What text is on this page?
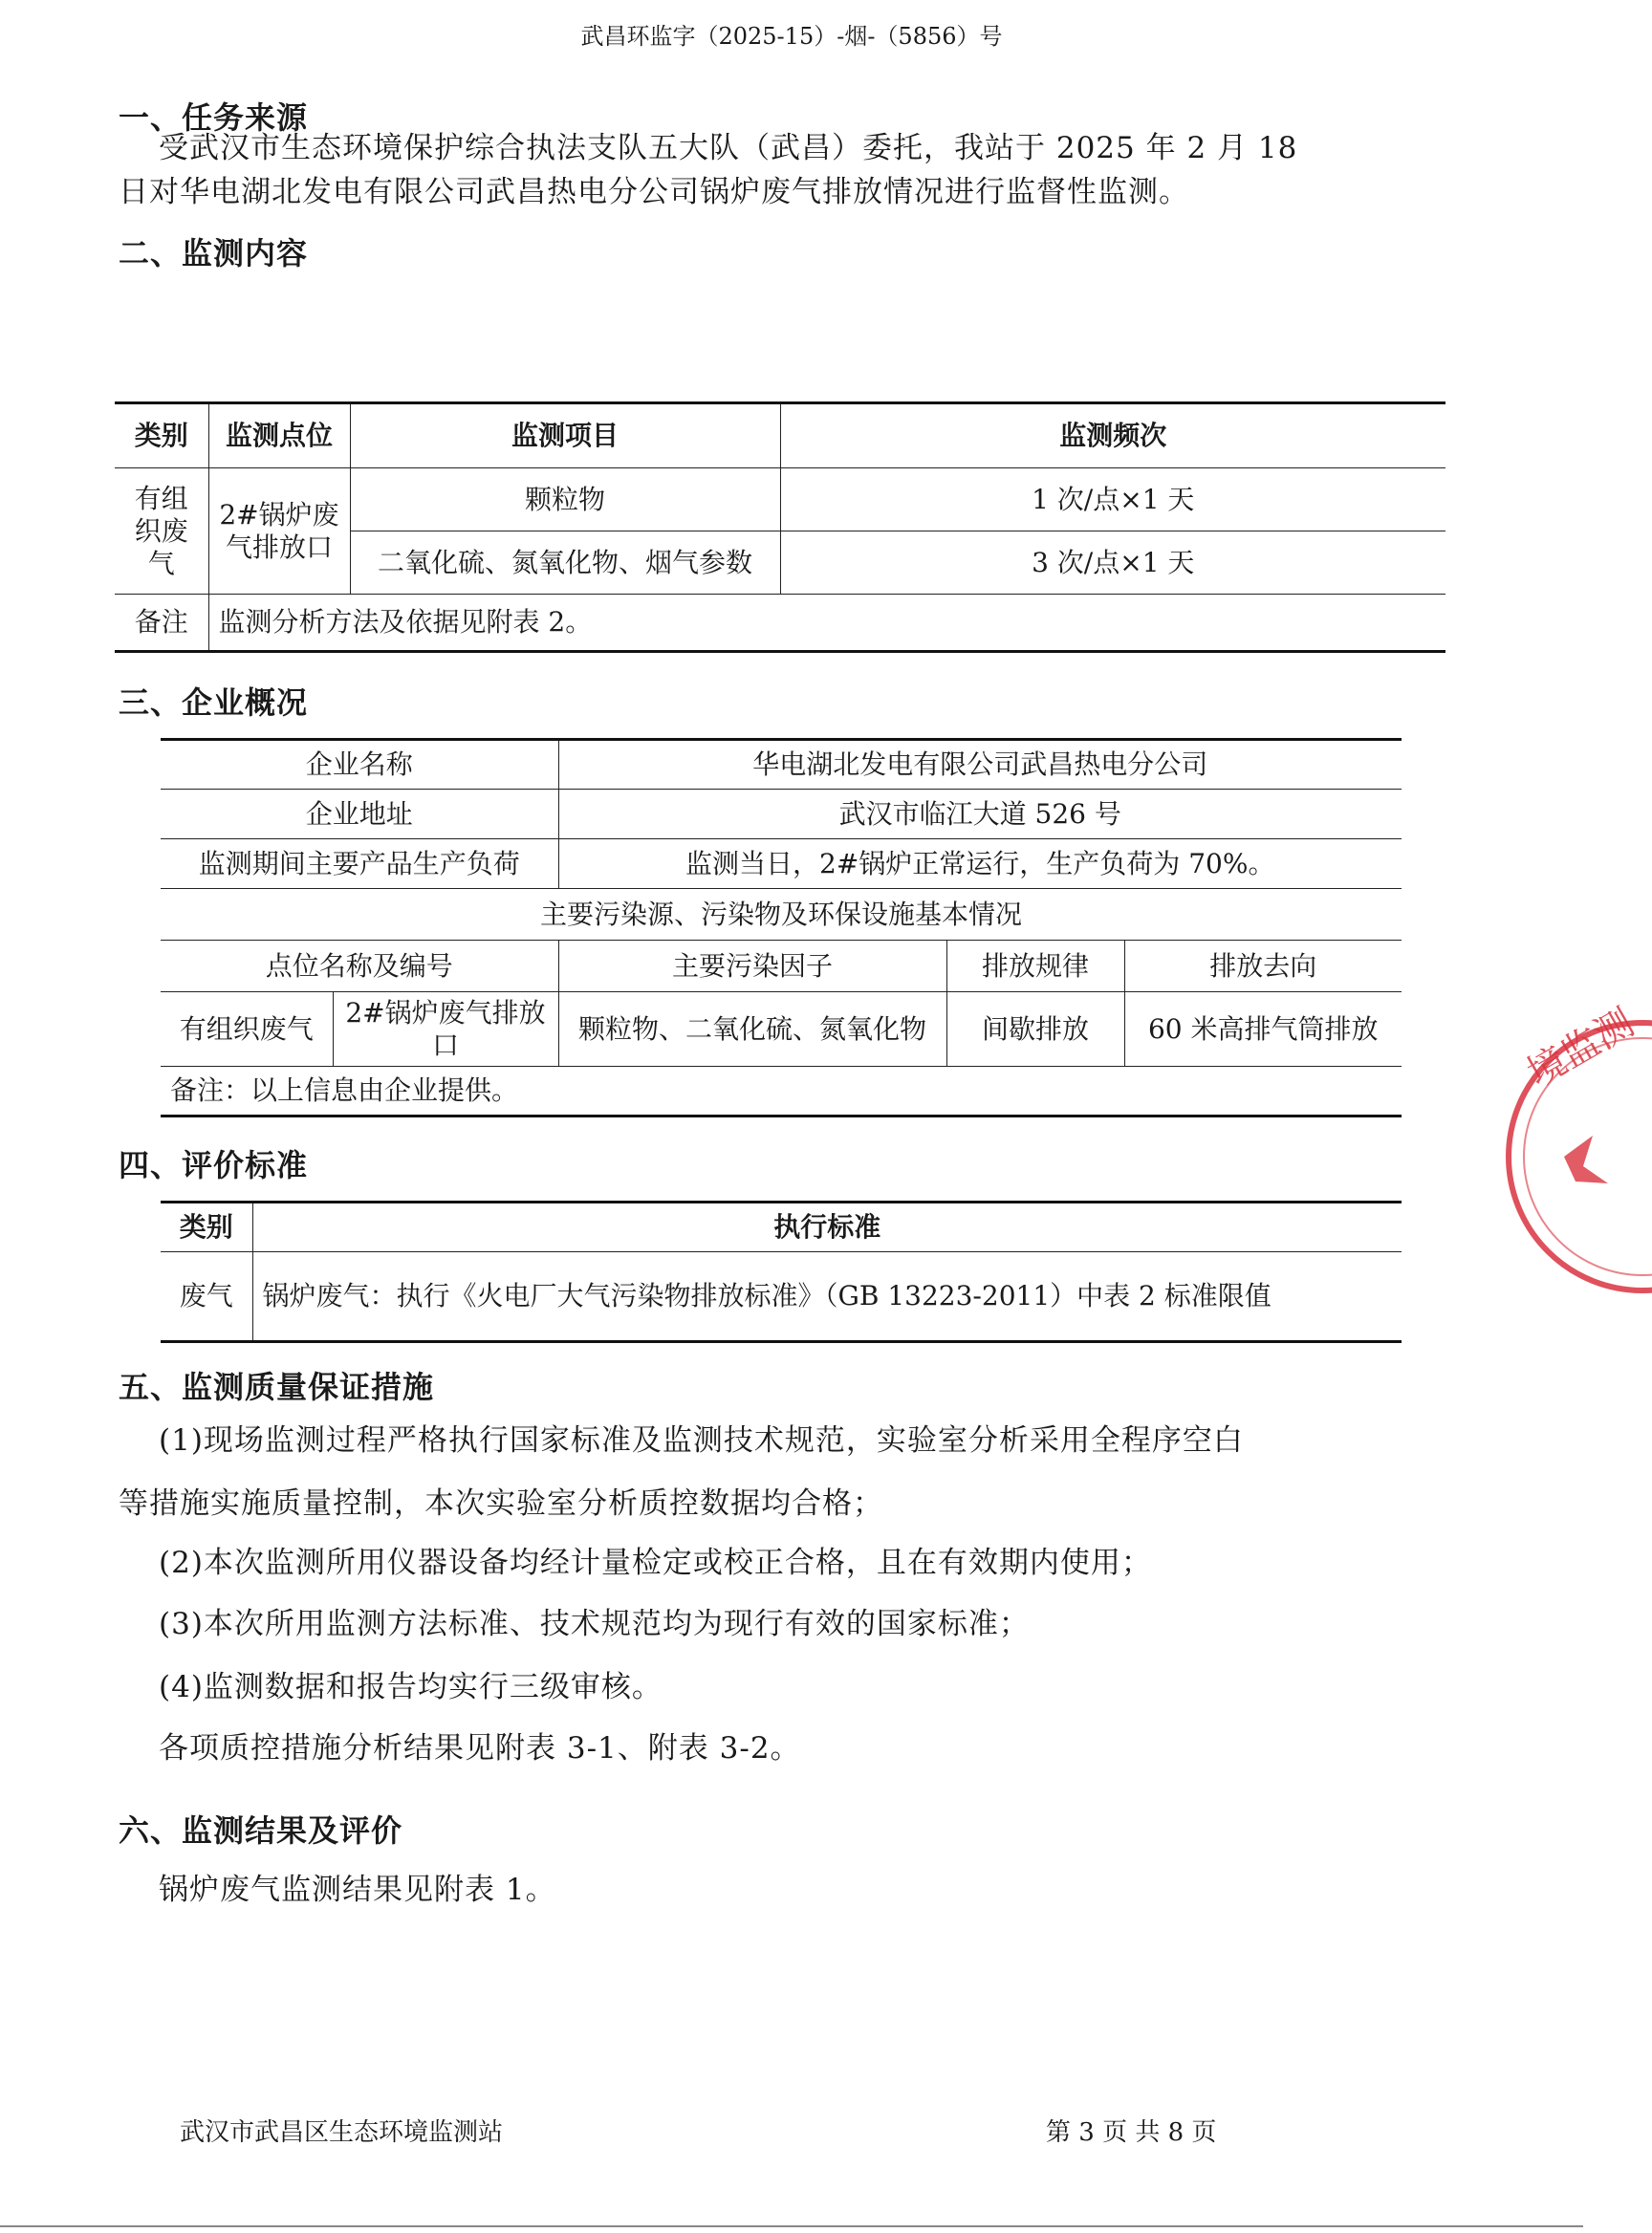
武昌环监字（2025-15）-烟-（5856）号
一、任务来源
受武汉市生态环境保护综合执法支队五大队（武昌）委托，我站于 2025 年 2 月 18
日对华电湖北发电有限公司武昌热电分公司锅炉废气排放情况进行监督性监测。
二、监测内容
类别	监测点位	监测项目	监测频次
有组织废气	2#锅炉废气排放口	颗粒物	1 次/点×1 天
		二氧化硫、氮氧化物、烟气参数	3 次/点×1 天
备注	监测分析方法及依据见附表 2。		
三、企业概况
企业名称		华电湖北发电有限公司武昌热电分公司		
企业地址		武汉市临江大道 526 号		
监测期间主要产品生产负荷		监测当日，2#锅炉正常运行，生产负荷为 70%。		
主要污染源、污染物及环保设施基本情况				
点位名称及编号		主要污染因子	排放规律	排放去向
有组织废气	2#锅炉废气排放口	颗粒物、二氧化硫、氮氧化物	间歇排放	60 米高排气筒排放
备注：以上信息由企业提供。				
四、评价标准
类别	执行标准
废气	锅炉废气：执行《火电厂大气污染物排放标准》（GB 13223-2011）中表 2 标准限值
五、监测质量保证措施
(1)现场监测过程严格执行国家标准及监测技术规范，实验室分析采用全程序空白
等措施实施质量控制，本次实验室分析质控数据均合格；
(2)本次监测所用仪器设备均经计量检定或校正合格，且在有效期内使用；
(3)本次所用监测方法标准、技术规范均为现行有效的国家标准；
(4)监测数据和报告均实行三级审核。
各项质控措施分析结果见附表 3-1、附表 3-2。
六、监测结果及评价
锅炉废气监测结果见附表 1。
武汉市武昌区生态环境监测站	第 3 页 共 8 页
境监测
